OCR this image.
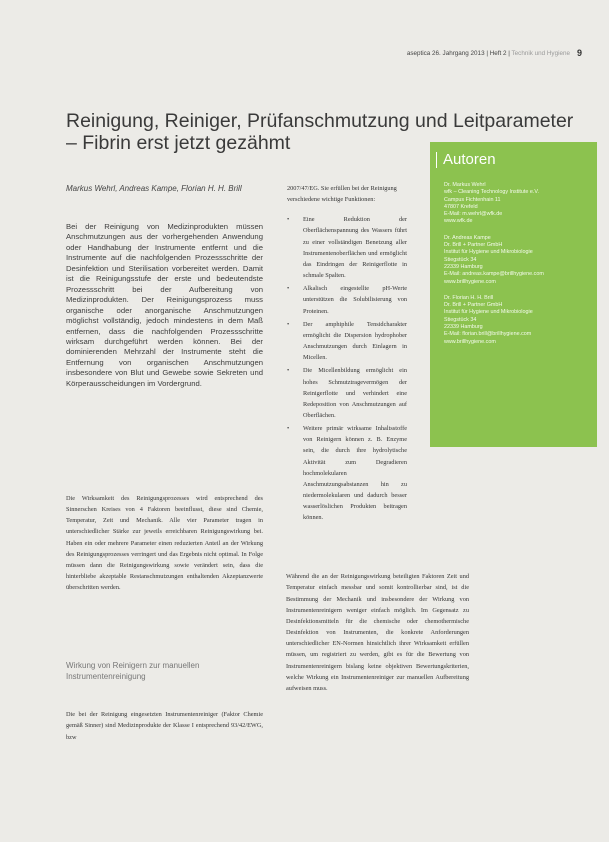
aseptica 26. Jahrgang 2013 | Heft 2 | Technik und Hygiene 9
Reinigung, Reiniger, Prüfanschmutzung und Leitparameter
– Fibrin erst jetzt gezähmt
Markus Wehrl, Andreas Kampe, Florian H. H. Brill

Bei der Reinigung von Medizinprodukten müssen Anschmutzungen aus der vorhergehenden Anwendung oder Handhabung der Instrumente entfernt und die Instrumente auf die nachfolgenden Prozessschritte der Desinfektion und Sterilisation vorbereitet werden. Damit ist die Reinigungsstufe der erste und bedeutendste Prozessschritt bei der Aufbereitung von Medizinprodukten. Der Reinigungsprozess muss organische oder anorganische Anschmutzungen möglichst vollständig, jedoch mindestens in dem Maß entfernen, dass die nachfolgenden Prozessschritte wirksam durchgeführt werden können. Bei der dominierenden Mehrzahl der Instrumente steht die Entfernung von organischen Anschmutzungen insbesondere von Blut und Gewebe sowie Sekreten und Körperausscheidungen im Vordergrund.

Die Wirksamkeit des Reinigungsprozesses wird entsprechend des Sinnerschen Kreises von 4 Faktoren beeinflusst, diese sind Chemie, Temperatur, Zeit und Mechanik. Alle vier Parameter tragen in unterschiedlicher Stärke zur jeweils erreichbaren Reinigungswirkung bei. Haben ein oder mehrere Parameter einen reduzierten Anteil an der Wirkung des Reinigungsprozesses verringert und das Ergebnis nicht optimal. In Folge müssen dann die Reinigungswirkung sowie verändert sein, dass die hinterbliebe akzeptable Restanschmutzungen enthaltenden Akzeptanzwerte überschritten werden.

Wirkung von Reinigern zur manuellen Instrumentenreinigung

Die bei der Reinigung eingesetzten Instrumentenreiniger (Faktor Chemie gemäß Sinner) sind Medizinprodukte der Klasse I entsprechend 93/42/EWG, bzw

2007/47/EG. Sie erfüllen bei der Reinigung verschiedene wichtige Funktionen:

• Eine Reduktion der Oberflächenspannung des Wassers führt zu einer vollständigen Benetzung aller Instrumentenoberflächen und ermöglicht das Eindringen der Reinigerflotte in schmale Spalten.
• Alkalisch eingestellte pH-Werte unterstützen die Solubilisierung von Proteinen.
• Der amphiphile Tensidcharakter ermöglicht die Dispersion hydrophober Anschmutzungen durch Einlagern in Micellen.
• Die Micellenbildung ermöglicht ein hohes Schmutztragevermögen der Reinigerflotte und verhindert eine Redeposition von Anschmutzungen auf Oberflächen.
• Weitere primär wirksame Inhaltsstoffe von Reinigern können z. B. Enzyme sein, die durch ihre hydrolytische Aktivität zum Degradieren hochmolekularen Anschmutzungsabstanzen hin zu niedermolekularen und dadurch besser wasserlöslichen Produkten beitragen können.

Während die an der Reinigungswirkung beteiligten Faktoren Zeit und Temperatur einfach messbar und somit kontrollierbar sind, ist die Bestimmung der Mechanik und insbesondere der Wirkung von Instrumentenreinigern weniger einfach möglich. Im Gegensatz zu Desinfektionsmitteln für die chemische oder chemothermische Desinfektion von Instrumenten, die konkrete Anforderungen unterschiedlicher EN-Normen hinsichtlich ihrer Wirksamkeit erfüllen müssen, um registriert zu werden, gibt es für die Bewertung von Instrumentenreinigern bislang keine objektiven Bewertungskriterien, welche Wirkung ein Instrumentenreiniger zur manuellen Aufbereitung aufweisen muss.

Autoren
Dr. Markus Wehrl
wfk – Cleaning Technology Institute e.V.
Campus Fichtenhain 11
47807 Krefeld
E-Mail: m.wehrl@wfk.de
www.wfk.de
Dr. Andreas Kampe
Dr. Brill + Partner GmbH
Institut für Hygiene und Mikrobiologie
Stiegstück 34
22339 Hamburg
E-Mail: andreas.kampe@brillhygiene.com
www.brillhygiene.com
Dr. Florian H. H. Brill
Dr. Brill + Partner GmbH
Institut für Hygiene und Mikrobiologie
Stiegstück 34
22339 Hamburg
E-Mail: florian.brill@brillhygiene.com
www.brillhygiene.com
